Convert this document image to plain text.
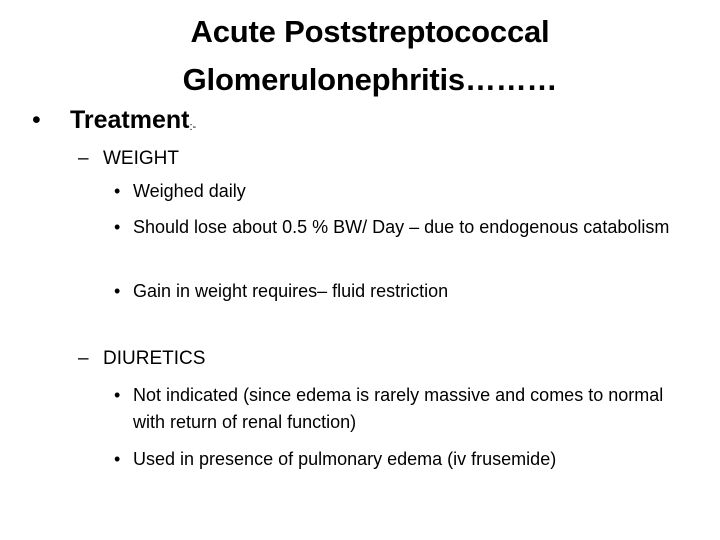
Acute Poststreptococcal
Glomerulonephritis………
• Treatment:-
– WEIGHT
• Weighed daily
• Should lose about 0.5 % BW/ Day – due to endogenous catabolism
• Gain in weight requires– fluid restriction
– DIURETICS
• Not indicated (since edema is rarely massive and comes to normal with return of renal function)
• Used in presence of pulmonary edema (iv frusemide)
